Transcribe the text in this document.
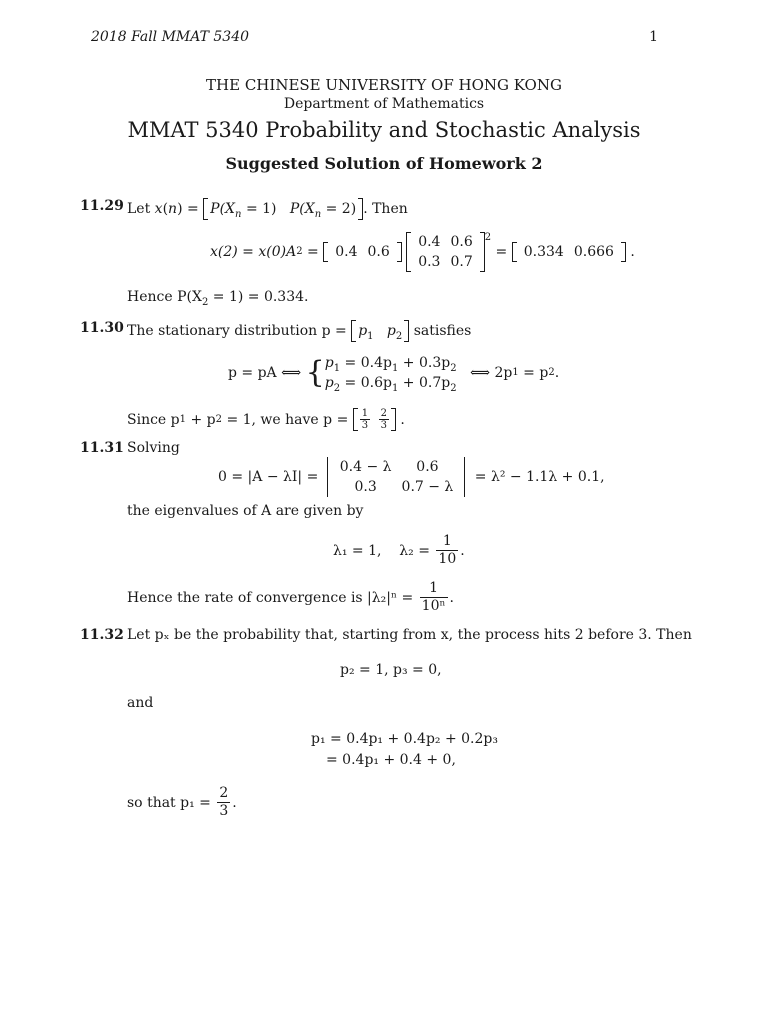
2018 Fall MMAT 5340	1
THE CHINESE UNIVERSITY OF HONG KONG
Department of Mathematics
MMAT 5340 Probability and Stochastic Analysis
Suggested Solution of Homework 2
11.29 Let $x(n) = P(X_n = 1) P(X_n = 2)$ . Then
x(2) = x(0)A 2 = 0.4	0.6

0.4	0.6
0.3	0.7
$^2$
= 0.334	0.666 .
Hence $P(X_2 = 1) = 0.334$.
11.30 The stationary distribution $p = p_1$ $p_2$ satisfies
p = pA ⟺
{ $p_1 = 0.4p_1 + 0.3p_2$
$p_2 = 0.6p_1 + 0.7p_2$

⟺ 2p 1
= p 2 .
Since p 1
+ p 2
= 1, we have p =
$\frac{1}{3}$
$\frac{2}{3}$ .
11.31 Solving
0 = |A − λI| =

0.4 − λ	0.6
0.3	0.7 − λ

= λ² − 1.1λ + 0.1,
the eigenvalues of A are given by
λ₁ = 1,
λ₂ =
$\frac{1}{10}$ .
Hence the rate of convergence is |λ₂|ⁿ =
$\frac{1}{\text{10ⁿ}}$ .
11.32 Let pₓ be the probability that, starting from x, the process hits 2 before 3. Then
p₂ = 1, p₃ = 0,
and
p₁ = 0.4p₁ + 0.4p₂ + 0.2p₃
= 0.4p₁ + 0.4 + 0,
so that p₁ =
$\frac{2}{3}$ .
